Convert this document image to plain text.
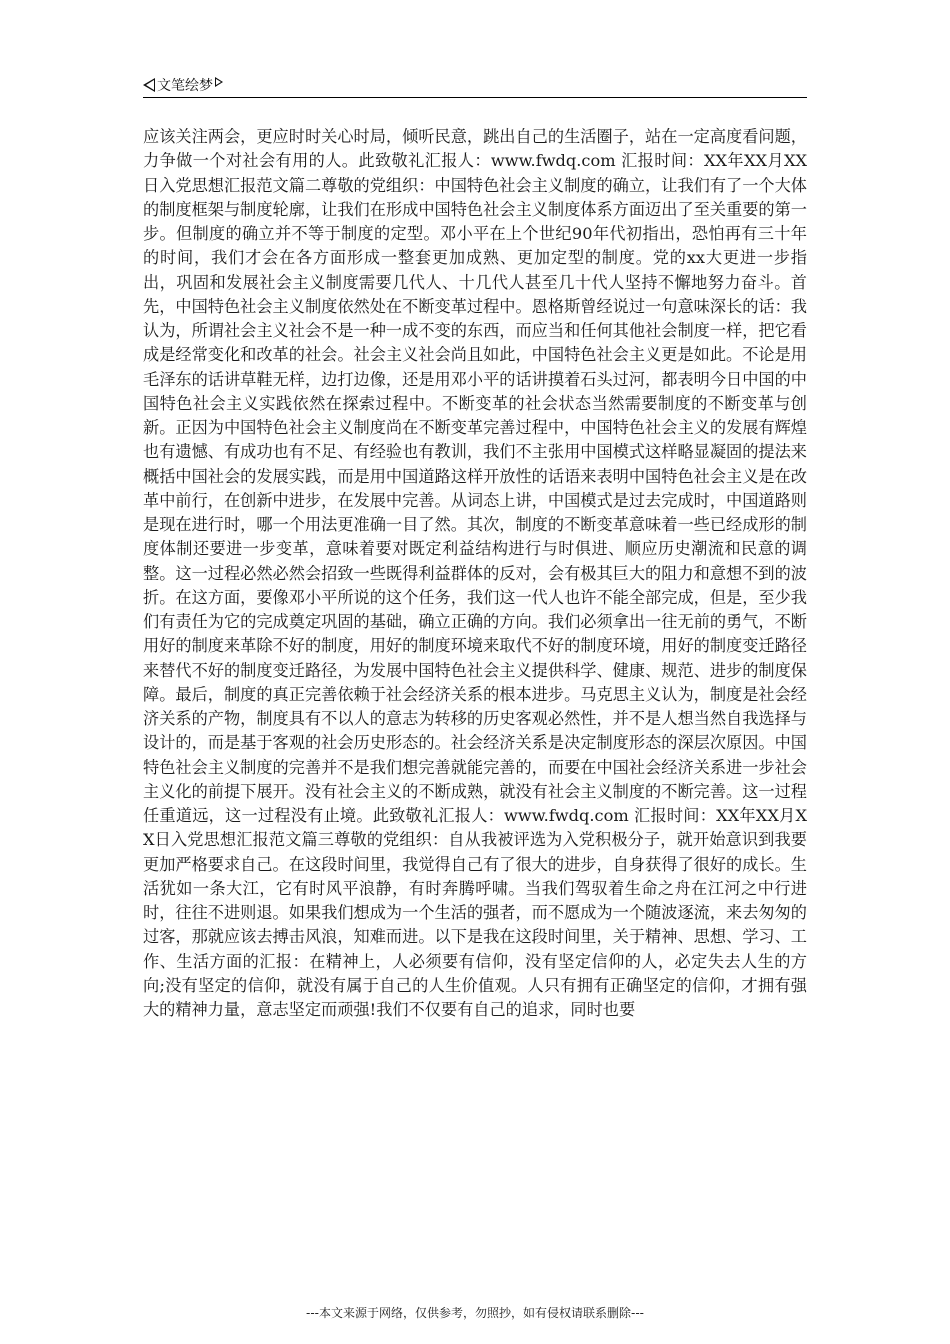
文笔绘梦

应该关注两会，更应时时关心时局，倾听民意，跳出自己的生活圈子，站在一定高度看问题，力争做一个对社会有用的人。此致敬礼汇报人：www.fwdq.com 汇报时间：XX年XX月XX日入党思想汇报范文篇二尊敬的党组织：中国特色社会主义制度的确立，让我们有了一个大体的制度框架与制度轮廓，让我们在形成中国特色社会主义制度体系方面迈出了至关重要的第一步。但制度的确立并不等于制度的定型。邓小平在上个世纪90年代初指出，恐怕再有三十年的时间，我们才会在各方面形成一整套更加成熟、更加定型的制度。党的xx大更进一步指出，巩固和发展社会主义制度需要几代人、十几代人甚至几十代人坚持不懈地努力奋斗。首先，中国特色社会主义制度依然处在不断变革过程中。恩格斯曾经说过一句意味深长的话：我认为，所谓社会主义社会不是一种一成不变的东西，而应当和任何其他社会制度一样，把它看成是经常变化和改革的社会。社会主义社会尚且如此，中国特色社会主义更是如此。不论是用毛泽东的话讲草鞋无样，边打边像，还是用邓小平的话讲摸着石头过河，都表明今日中国的中国特色社会主义实践依然在探索过程中。不断变革的社会状态当然需要制度的不断变革与创新。正因为中国特色社会主义制度尚在不断变革完善过程中，中国特色社会主义的发展有辉煌也有遗憾、有成功也有不足、有经验也有教训，我们不主张用中国模式这样略显凝固的提法来概括中国社会的发展实践，而是用中国道路这样开放性的话语来表明中国特色社会主义是在改革中前行，在创新中进步，在发展中完善。从词态上讲，中国模式是过去完成时，中国道路则是现在进行时，哪一个用法更准确一目了然。其次，制度的不断变革意味着一些已经成形的制度体制还要进一步变革，意味着要对既定利益结构进行与时俱进、顺应历史潮流和民意的调整。这一过程必然必然会招致一些既得利益群体的反对，会有极其巨大的阻力和意想不到的波折。在这方面，要像邓小平所说的这个任务，我们这一代人也许不能全部完成，但是，至少我们有责任为它的完成奠定巩固的基础，确立正确的方向。我们必须拿出一往无前的勇气，不断用好的制度来革除不好的制度，用好的制度环境来取代不好的制度环境，用好的制度变迁路径来替代不好的制度变迁路径，为发展中国特色社会主义提供科学、健康、规范、进步的制度保障。最后，制度的真正完善依赖于社会经济关系的根本进步。马克思主义认为，制度是社会经济关系的产物，制度具有不以人的意志为转移的历史客观必然性，并不是人想当然自我选择与设计的，而是基于客观的社会历史形态的。社会经济关系是决定制度形态的深层次原因。中国特色社会主义制度的完善并不是我们想完善就能完善的，而要在中国社会经济关系进一步社会主义化的前提下展开。没有社会主义的不断成熟，就没有社会主义制度的不断完善。这一过程任重道远，这一过程没有止境。此致敬礼汇报人：www.fwdq.com 汇报时间：XX年XX月XX日入党思想汇报范文篇三尊敬的党组织：自从我被评选为入党积极分子，就开始意识到我要更加严格要求自己。在这段时间里，我觉得自己有了很大的进步，自身获得了很好的成长。生活犹如一条大江，它有时风平浪静，有时奔腾呼啸。当我们驾驭着生命之舟在江河之中行进时，往往不进则退。如果我们想成为一个生活的强者，而不愿成为一个随波逐流，来去匆匆的过客，那就应该去搏击风浪，知难而进。以下是我在这段时间里，关于精神、思想、学习、工作、生活方面的汇报：在精神上，人必须要有信仰，没有坚定信仰的人，必定失去人生的方向;没有坚定的信仰，就没有属于自己的人生价值观。人只有拥有正确坚定的信仰，才拥有强大的精神力量，意志坚定而顽强!我们不仅要有自己的追求，同时也要

---本文来源于网络，仅供参考，勿照抄，如有侵权请联系删除---
